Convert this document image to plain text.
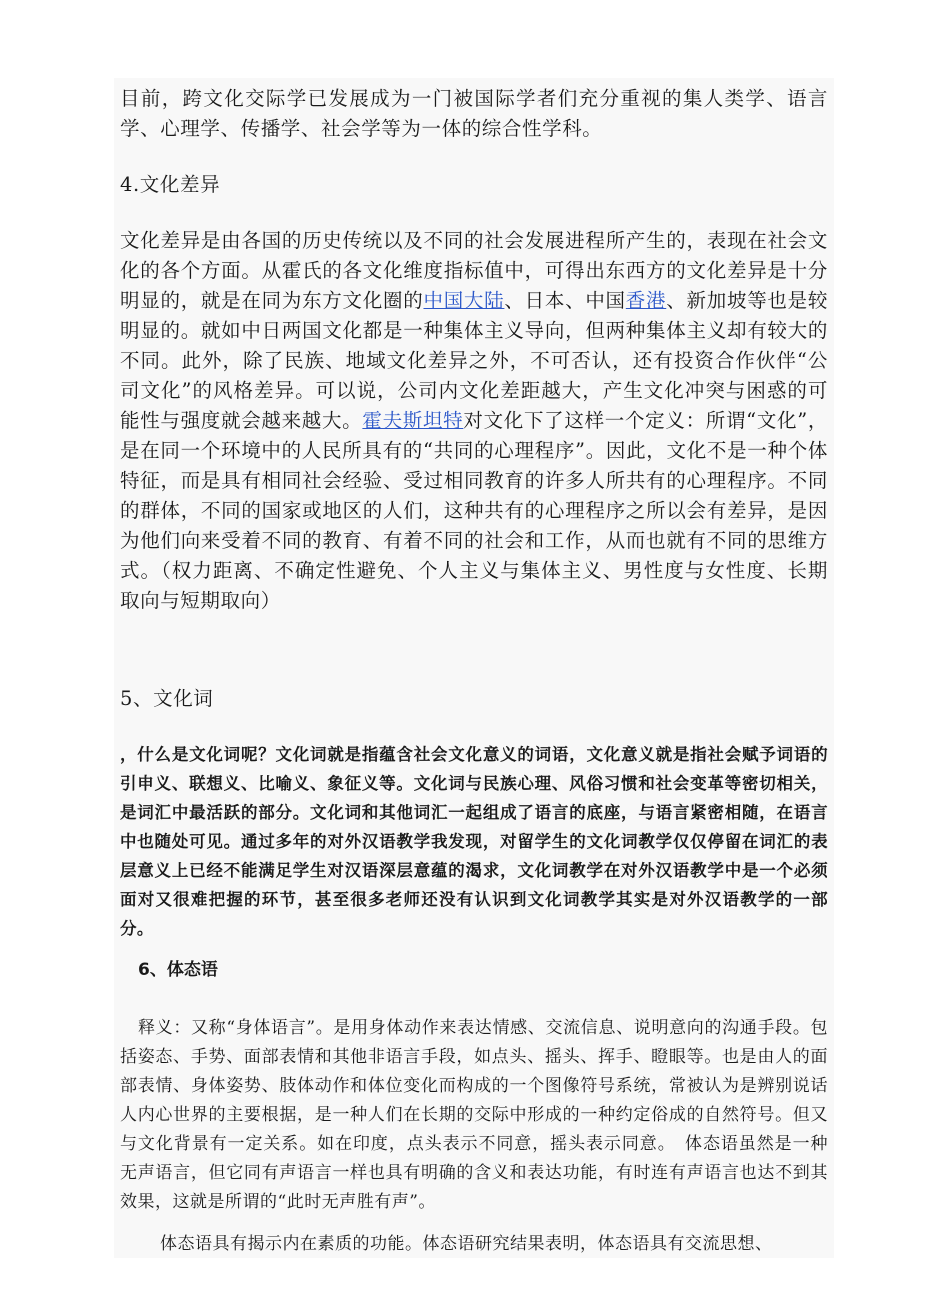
目前，跨文化交际学已发展成为一门被国际学者们充分重视的集人类学、语言学、心理学、传播学、社会学等为一体的综合性学科。

4.文化差异

文化差异是由各国的历史传统以及不同的社会发展进程所产生的，表现在社会文化的各个方面。从霍氏的各文化维度指标值中，可得出东西方的文化差异是十分明显的，就是在同为东方文化圈的中国大陆、日本、中国香港、新加坡等也是较明显的。就如中日两国文化都是一种集体主义导向，但两种集体主义却有较大的不同。此外，除了民族、地域文化差异之外，不可否认，还有投资合作伙伴“公司文化”的风格差异。可以说，公司内文化差距越大，产生文化冲突与困惑的可能性与强度就会越来越大。霍夫斯坦特对文化下了这样一个定义：所谓“文化”，是在同一个环境中的人民所具有的“共同的心理程序”。因此，文化不是一种个体特征，而是具有相同社会经验、受过相同教育的许多人所共有的心理程序。不同的群体，不同的国家或地区的人们，这种共有的心理程序之所以会有差异，是因为他们向来受着不同的教育、有着不同的社会和工作，从而也就有不同的思维方式。（权力距离、不确定性避免、个人主义与集体主义、男性度与女性度、长期取向与短期取向）

5、文化词

，什么是文化词呢？文化词就是指蕴含社会文化意义的词语，文化意义就是指社会赋予词语的引申义、联想义、比喻义、象征义等。文化词与民族心理、风俗习惯和社会变革等密切相关，是词汇中最活跃的部分。文化词和其他词汇一起组成了语言的底座，与语言紧密相随，在语言中也随处可见。通过多年的对外汉语教学我发现，对留学生的文化词教学仅仅停留在词汇的表层意义上已经不能满足学生对汉语深层意蕴的渴求，文化词教学在对外汉语教学中是一个必须面对又很难把握的环节，甚至很多老师还没有认识到文化词教学其实是对外汉语教学的一部分。

6、体态语

释义：又称“身体语言”。是用身体动作来表达情感、交流信息、说明意向的沟通手段。包括姿态、手势、面部表情和其他非语言手段，如点头、摇头、挥手、瞪眼等。也是由人的面部表情、身体姿势、肢体动作和体位变化而构成的一个图像符号系统，常被认为是辨别说话人内心世界的主要根据，是一种人们在长期的交际中形成的一种约定俗成的自然符号。但又与文化背景有一定关系。如在印度，点头表示不同意，摇头表示同意。　体态语虽然是一种无声语言，但它同有声语言一样也具有明确的含义和表达功能，有时连有声语言也达不到其效果，这就是所谓的“此时无声胜有声”。

体态语具有揭示内在素质的功能。体态语研究结果表明，体态语具有交流思想、
